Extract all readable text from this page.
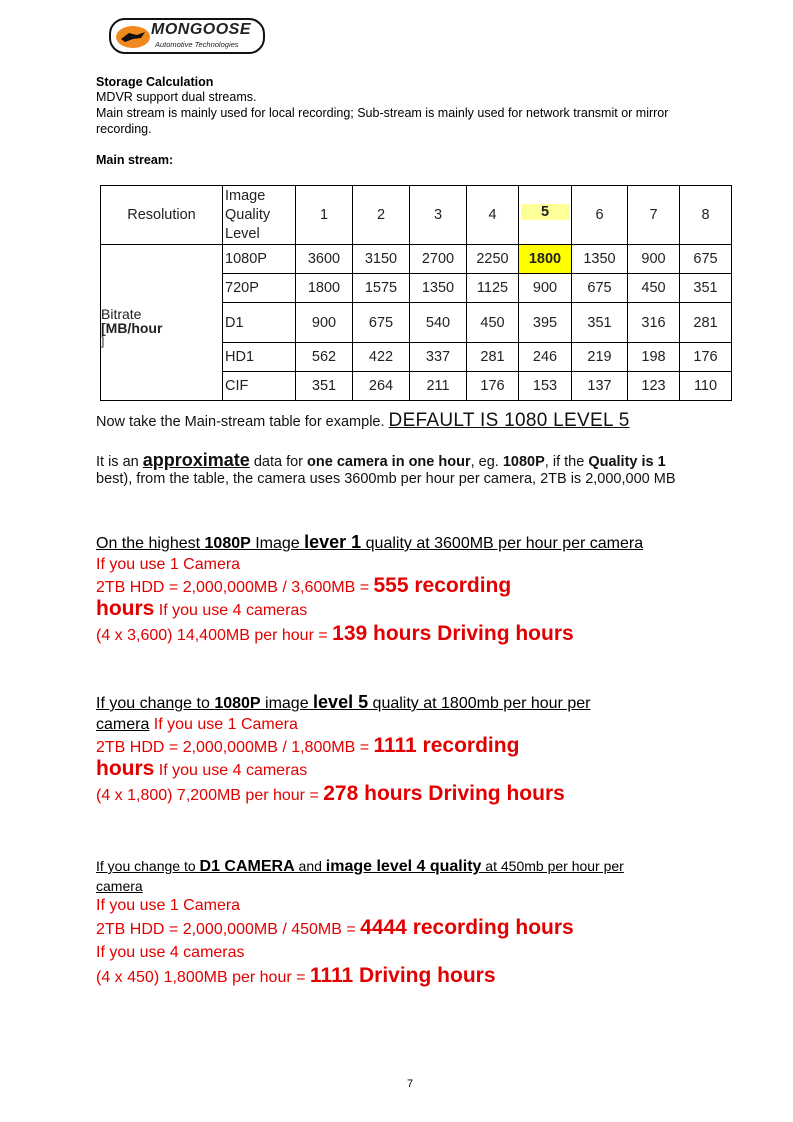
MONGOOSE
Automotive Technologies
Storage Calculation
MDVR support dual streams.
Main stream is mainly used for local recording; Sub-stream is mainly used for network transmit or mirror
recording.
Main stream:
Resolution	Image
Quality
Level	1	2	3	4	5	6	7	8

Bitrate
[MB/hour
]	1080P	3600	3150	2700	2250	1800	1350	900	675
	720P	1800	1575	1350	1125	900	675	450	351
	D1	900	675	540	450	395	351	316	281
	HD1	562	422	337	281	246	219	198	176
	CIF	351	264	211	176	153	137	123	110
Now take the Main-stream table for example. DEFAULT IS 1080 LEVEL 5
It is an approximate data for one camera in one hour, eg. 1080P, if the Quality is 1
best), from the table, the camera uses 3600mb per hour per camera, 2TB is 2,000,000 MB
On the highest 1080P Image lever 1 quality at 3600MB per hour per camera
If you use 1 Camera
2TB HDD = 2,000,000MB / 3,600MB = 555 recording
hours If you use 4 cameras
(4 x 3,600) 14,400MB per hour = 139 hours Driving hours
If you change to 1080P image level 5 quality at 1800mb per hour per
camera If you use 1 Camera
2TB HDD = 2,000,000MB / 1,800MB = 1111 recording
hours If you use 4 cameras
(4 x 1,800) 7,200MB per hour = 278 hours Driving hours
If you change to D1 CAMERA and image level 4 quality at 450mb per hour per
camera
If you use 1 Camera
2TB HDD = 2,000,000MB / 450MB = 4444 recording hours
If you use 4 cameras
(4 x 450) 1,800MB per hour = 1111 Driving hours
7
